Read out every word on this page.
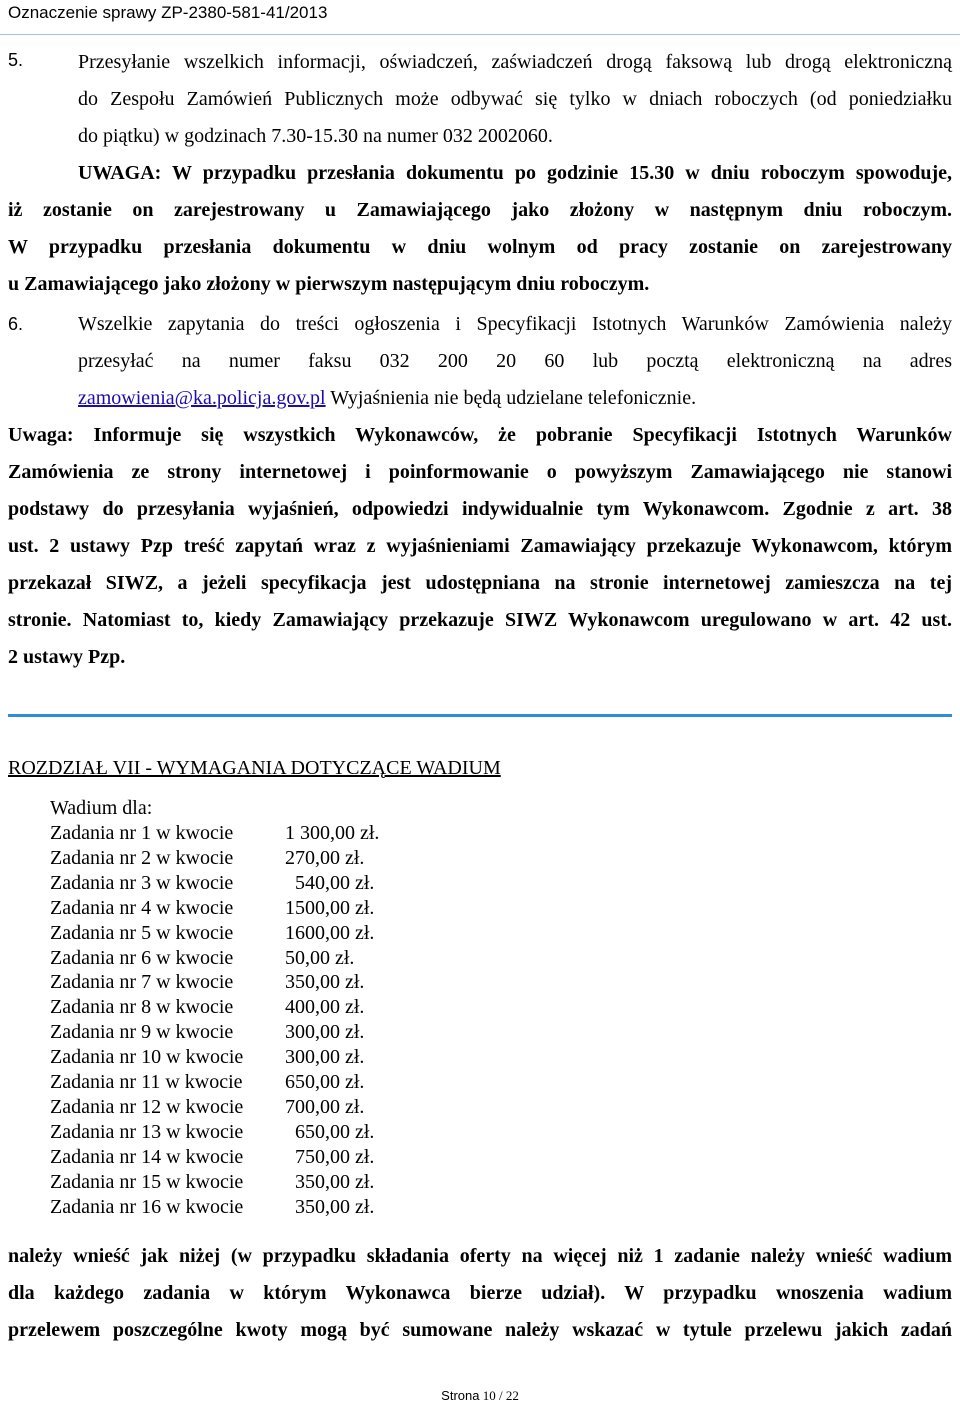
Oznaczenie sprawy ZP-2380-581-41/2013
5.	Przesyłanie wszelkich informacji, oświadczeń, zaświadczeń drogą faksową lub drogą elektroniczną
do Zespołu Zamówień Publicznych może odbywać się tylko w dniach roboczych (od poniedziałku
do piątku) w godzinach 7.30-15.30 na numer 032 2002060.
UWAGA: W przypadku przesłania dokumentu po godzinie 15.30 w dniu roboczym spowoduje,
iż zostanie on zarejestrowany u Zamawiającego jako złożony w następnym dniu roboczym.
W przypadku przesłania dokumentu w dniu wolnym od pracy zostanie on zarejestrowany
u Zamawiającego jako złożony w pierwszym następującym dniu roboczym.
6.	Wszelkie zapytania do treści ogłoszenia i Specyfikacji Istotnych Warunków Zamówienia należy
przesyłać na numer faksu 032 200 20 60 lub pocztą elektroniczną na adres
zamowienia@ka.policja.gov.pl Wyjaśnienia nie będą udzielane telefonicznie.
Uwaga: Informuje się wszystkich Wykonawców, że pobranie Specyfikacji Istotnych Warunków
Zamówienia ze strony internetowej i poinformowanie o powyższym Zamawiającego nie stanowi
podstawy do przesyłania wyjaśnień, odpowiedzi indywidualnie tym Wykonawcom. Zgodnie z art. 38
ust. 2 ustawy Pzp treść zapytań wraz z wyjaśnieniami Zamawiający przekazuje Wykonawcom, którym
przekazał SIWZ, a jeżeli specyfikacja jest udostępniana na stronie internetowej zamieszcza na tej
stronie. Natomiast to, kiedy Zamawiający przekazuje SIWZ Wykonawcom uregulowano w art. 42 ust.
2 ustawy Pzp.
ROZDZIAŁ VII - WYMAGANIA DOTYCZĄCE WADIUM
Wadium dla:
Zadania nr 1 w kwocie	1 300,00 zł.
Zadania nr 2 w kwocie	270,00 zł.
Zadania nr 3 w kwocie	540,00 zł.
Zadania nr 4 w kwocie	1500,00 zł.
Zadania nr 5 w kwocie	1600,00 zł.
Zadania nr 6 w kwocie	50,00 zł.
Zadania nr 7 w kwocie	350,00 zł.
Zadania nr 8 w kwocie	400,00 zł.
Zadania nr 9 w kwocie	300,00 zł.
Zadania nr 10 w kwocie 300,00 zł.
Zadania nr 11 w kwocie 650,00 zł.
Zadania nr 12 w kwocie 700,00 zł.
Zadania nr 13 w kwocie 650,00 zł.
Zadania nr 14 w kwocie 750,00 zł.
Zadania nr 15 w kwocie 350,00 zł.
Zadania nr 16 w kwocie 350,00 zł.
należy wnieść jak niżej (w przypadku składania oferty na więcej niż 1 zadanie należy wnieść wadium
dla każdego zadania w którym Wykonawca bierze udział). W przypadku wnoszenia wadium
przelewem poszczególne kwoty mogą być sumowane należy wskazać w tytule przelewu jakich zadań
Strona 10 / 22
